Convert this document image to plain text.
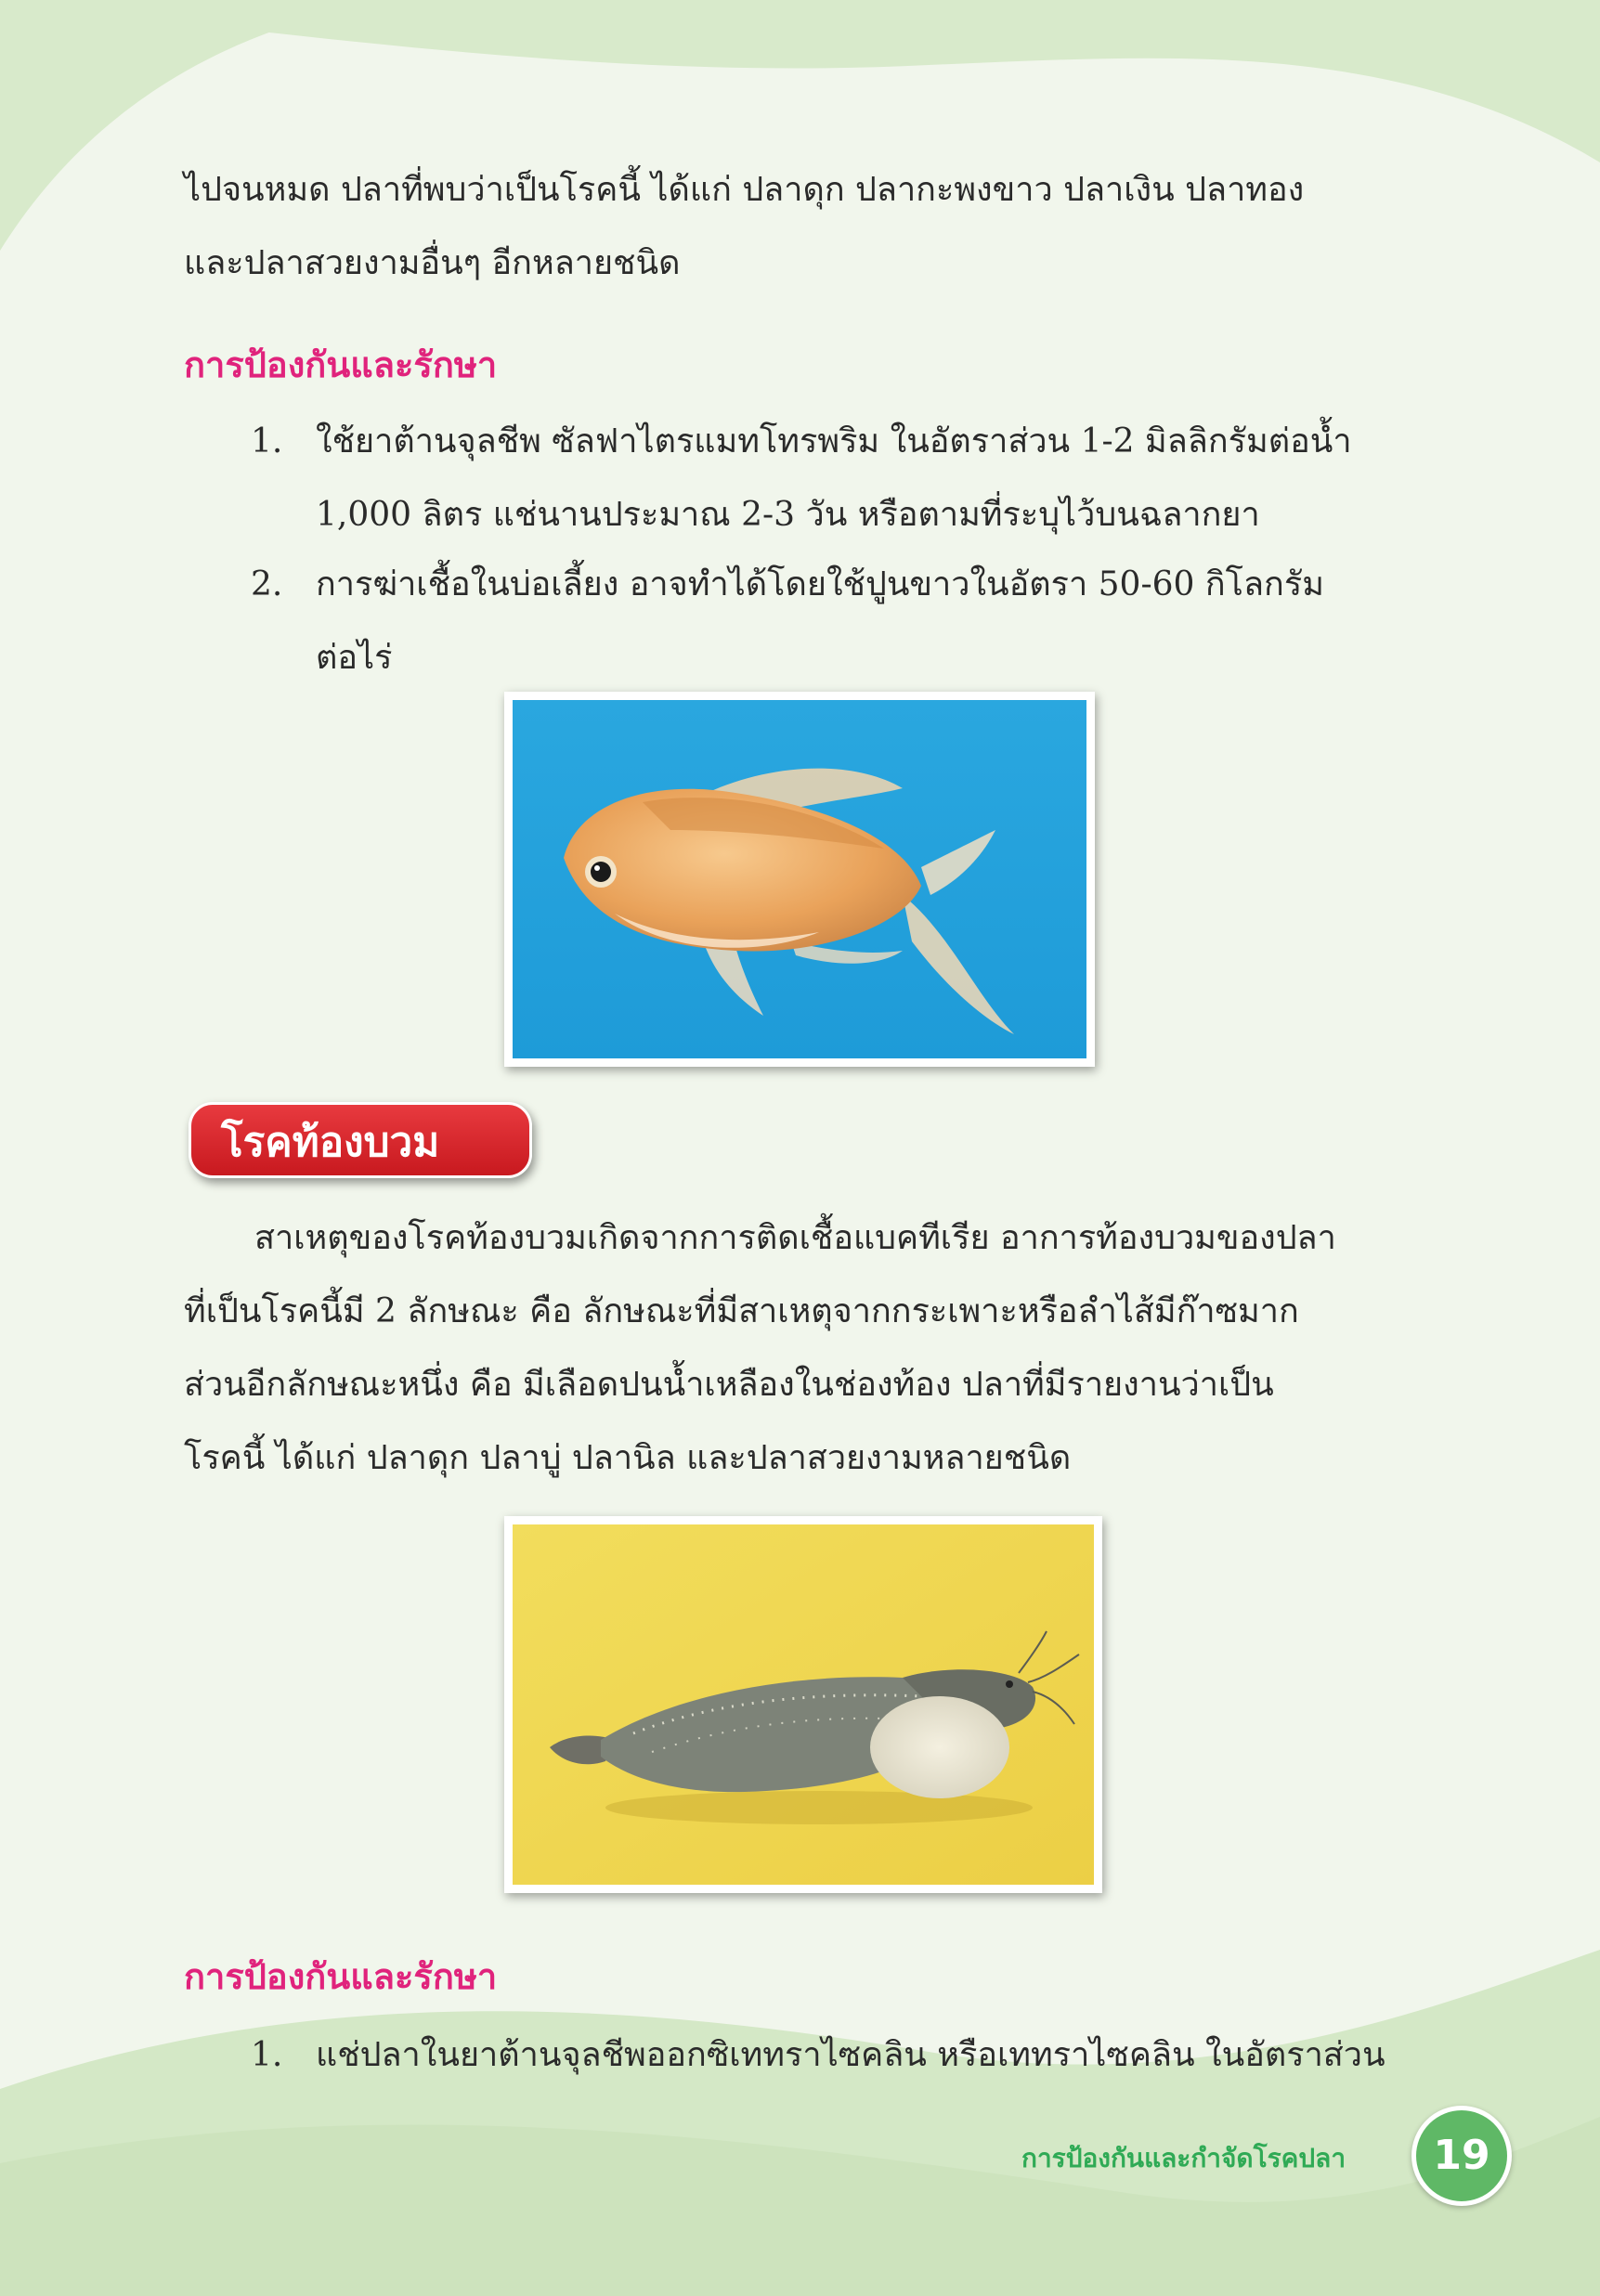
ไปจนหมด ปลาที่พบว่าเป็นโรคนี้ ได้แก่ ปลาดุก ปลากะพงขาว ปลาเงิน ปลาทอง
และปลาสวยงามอื่นๆ อีกหลายชนิด
การป้องกันและรักษา
1. ใช้ยาต้านจุลชีพ ซัลฟาไตรแมทโทรพริม ในอัตราส่วน 1-2 มิลลิกรัมต่อน้ำ
1,000 ลิตร แช่นานประมาณ 2-3 วัน หรือตามที่ระบุไว้บนฉลากยา
2. การฆ่าเชื้อในบ่อเลี้ยง อาจทำได้โดยใช้ปูนขาวในอัตรา 50-60 กิโลกรัม
ต่อไร่
โรคท้องบวม
สาเหตุของโรคท้องบวมเกิดจากการติดเชื้อแบคทีเรีย อาการท้องบวมของปลา
ที่เป็นโรคนี้มี 2 ลักษณะ คือ ลักษณะที่มีสาเหตุจากกระเพาะหรือลำไส้มีก๊าซมาก
ส่วนอีกลักษณะหนึ่ง คือ มีเลือดปนน้ำเหลืองในช่องท้อง ปลาที่มีรายงานว่าเป็น
โรคนี้ ได้แก่ ปลาดุก ปลาบู่ ปลานิล และปลาสวยงามหลายชนิด
การป้องกันและรักษา
1. แช่ปลาในยาต้านจุลชีพออกซิเททราไซคลิน หรือเททราไซคลิน ในอัตราส่วน
การป้องกันและกำจัดโรคปลา	19
